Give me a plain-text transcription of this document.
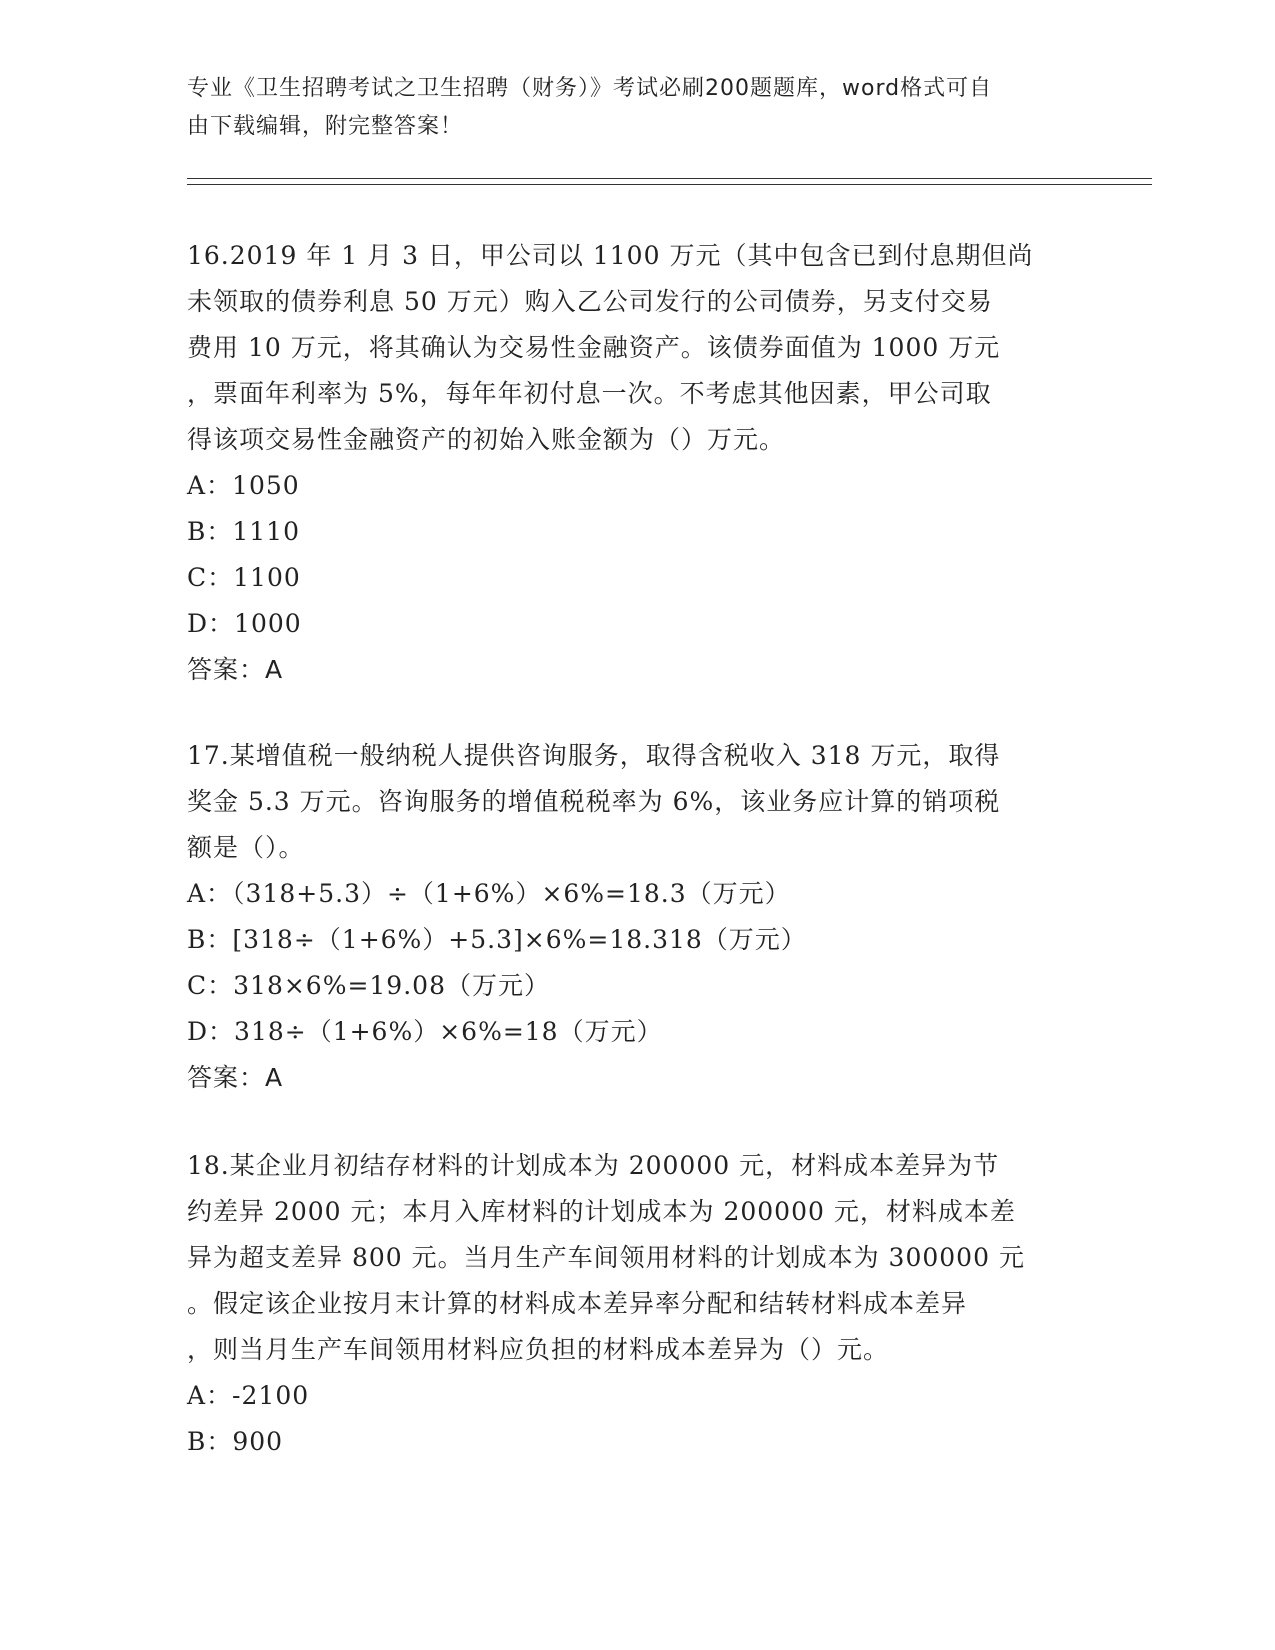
专业《卫生招聘考试之卫生招聘（财务）》考试必刷200题题库，word格式可自
由下载编辑，附完整答案！
16.2019 年 1 月 3 日，甲公司以 1100 万元（其中包含已到付息期但尚
未领取的债券利息 50 万元）购入乙公司发行的公司债券，另支付交易
费用 10 万元，将其确认为交易性金融资产。该债券面值为 1000 万元
，票面年利率为 5%，每年年初付息一次。不考虑其他因素，甲公司取
得该项交易性金融资产的初始入账金额为（）万元。
A：1050
B：1110
C：1100
D：1000
答案：A
17.某增值税一般纳税人提供咨询服务，取得含税收入 318 万元，取得
奖金 5.3 万元。咨询服务的增值税税率为 6%，该业务应计算的销项税
额是（）。
A：（318+5.3）÷（1+6%）×6%=18.3（万元）
B：[318÷（1+6%）+5.3]×6%=18.318（万元）
C：318×6%=19.08（万元）
D：318÷（1+6%）×6%=18（万元）
答案：A
18.某企业月初结存材料的计划成本为 200000 元，材料成本差异为节
约差异 2000 元；本月入库材料的计划成本为 200000 元，材料成本差
异为超支差异 800 元。当月生产车间领用材料的计划成本为 300000 元
。假定该企业按月末计算的材料成本差异率分配和结转材料成本差异
，则当月生产车间领用材料应负担的材料成本差异为（）元。
A：-2100
B：900
